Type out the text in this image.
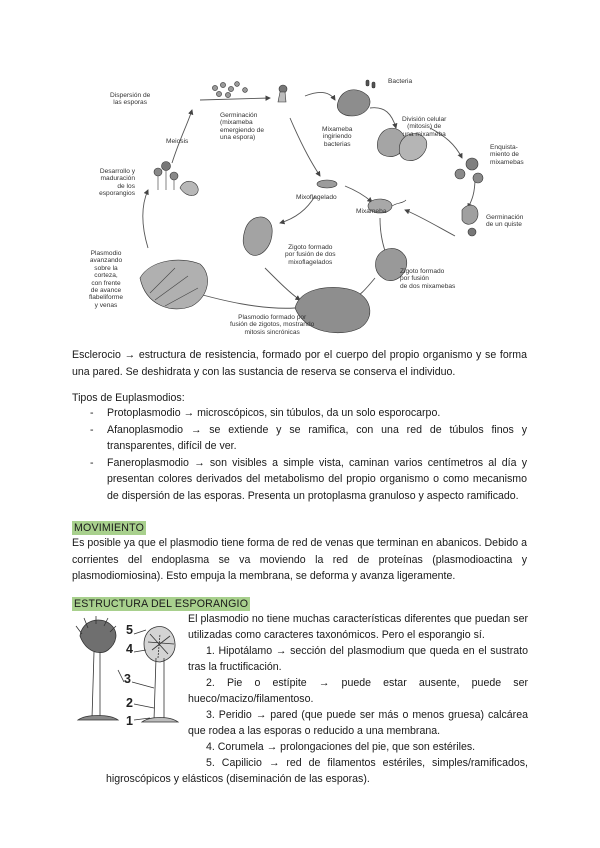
Dispersión de
las esporas
Germinación
(mixameba
emergiendo de
una espora)
Bacteria
Mixameba
ingiriendo
bacterias
División celular
(mitosis) de
una mixameba
Enquista-
miento de
mixamebas
Meiosis
Mixoflagelado
Mixameba
Germinación
de un quiste
Desarrollo y
maduración
de los
esporangios
Zigoto formado
por fusión de dos
mixoflagelados
Zigoto formado
por fusión
de dos mixamebas
Plasmodio
avanzando
sobre la
corteza,
con frente
de avance
flabeliforme
y venas
Plasmodio formado por
fusión de zigotos, mostrando
mitosis sincrónicas
Esclerocio → estructura de resistencia, formado por el cuerpo del propio organismo y se forma una pared. Se deshidrata y con las sustancia de reserva se conserva el individuo.
Tipos de Euplasmodios:
- Protoplasmodio → microscópicos, sin túbulos, da un solo esporocarpo.
- Afanoplasmodio → se extiende y se ramifica, con una red de túbulos finos y transparentes, difícil de ver.
- Faneroplasmodio → son visibles a simple vista, caminan varios centímetros al día y presentan colores derivados del metabolismo del propio organismo o como mecanismo de dispersión de las esporas. Presenta un protoplasma granuloso y aspecto ramificado.
MOVIMIENTO
Es posible ya que el plasmodio tiene forma de red de venas que terminan en abanicos. Debido a corrientes del endoplasma se va moviendo la red de proteínas (plasmodioactina y plasmodiomiosina). Esto empuja la membrana, se deforma y avanza ligeramente.
ESTRUCTURA DEL ESPORANGIO
5
4
3
2
1
El plasmodio no tiene muchas características diferentes que puedan ser utilizadas como caracteres taxonómicos. Pero el esporangio sí.
1. Hipotálamo → sección del plasmodium que queda en el sustrato tras la fructificación.
2. Pie o estípite → puede estar ausente, puede ser hueco/macizo/filamentoso.
3. Peridio → pared (que puede ser más o menos gruesa) calcárea que rodea a las esporas o reducido a una membrana.
4. Corumela → prolongaciones del pie, que son estériles.
5. Capilicio → red de filamentos estériles, simples/ramificados, higroscópicos y elásticos (diseminación de las esporas).
